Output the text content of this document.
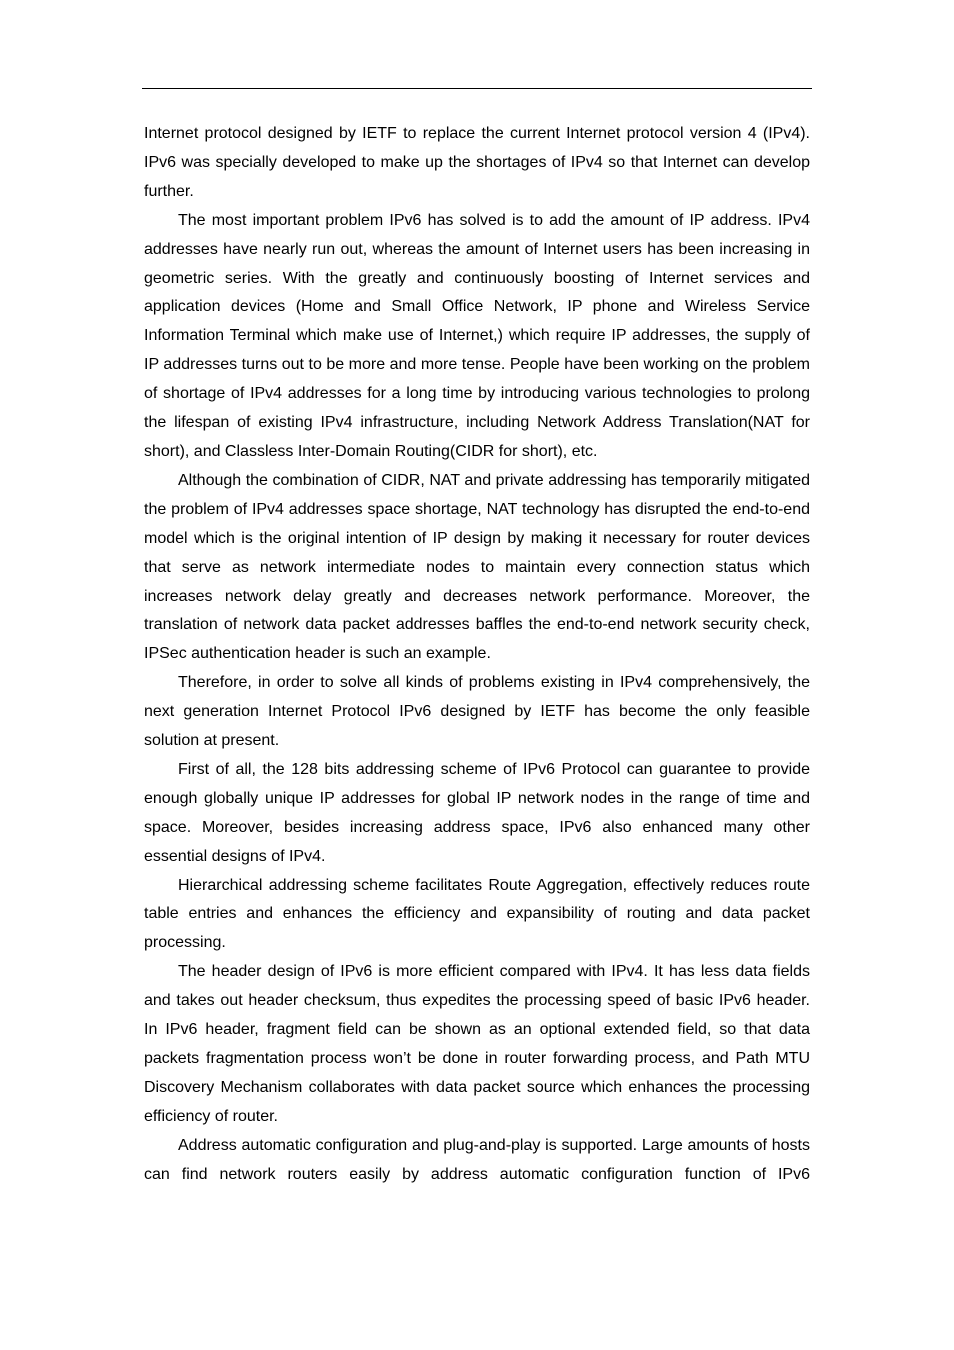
Internet protocol designed by IETF to replace the current Internet protocol version 4 (IPv4). IPv6 was specially developed to make up the shortages of IPv4 so that Internet can develop further.

The most important problem IPv6 has solved is to add the amount of IP address. IPv4 addresses have nearly run out, whereas the amount of Internet users has been increasing in geometric series. With the greatly and continuously boosting of Internet services and application devices (Home and Small Office Network, IP phone and Wireless Service Information Terminal which make use of Internet,) which require IP addresses, the supply of IP addresses turns out to be more and more tense. People have been working on the problem of shortage of IPv4 addresses for a long time by introducing various technologies to prolong the lifespan of existing IPv4 infrastructure, including Network Address Translation(NAT for short), and Classless Inter-Domain Routing(CIDR for short), etc.

Although the combination of CIDR, NAT and private addressing has temporarily mitigated the problem of IPv4 addresses space shortage, NAT technology has disrupted the end-to-end model which is the original intention of IP design by making it necessary for router devices that serve as network intermediate nodes to maintain every connection status which increases network delay greatly and decreases network performance. Moreover, the translation of network data packet addresses baffles the end-to-end network security check, IPSec authentication header is such an example.

Therefore, in order to solve all kinds of problems existing in IPv4 comprehensively, the next generation Internet Protocol IPv6 designed by IETF has become the only feasible solution at present.

First of all, the 128 bits addressing scheme of IPv6 Protocol can guarantee to provide enough globally unique IP addresses for global IP network nodes in the range of time and space. Moreover, besides increasing address space, IPv6 also enhanced many other essential designs of IPv4.

Hierarchical addressing scheme facilitates Route Aggregation, effectively reduces route table entries and enhances the efficiency and expansibility of routing and data packet processing.

The header design of IPv6 is more efficient compared with IPv4. It has less data fields and takes out header checksum, thus expedites the processing speed of basic IPv6 header. In IPv6 header, fragment field can be shown as an optional extended field, so that data packets fragmentation process won’t be done in router forwarding process, and Path MTU Discovery Mechanism collaborates with data packet source which enhances the processing efficiency of router.

Address automatic configuration and plug-and-play is supported. Large amounts of hosts can find network routers easily by address automatic configuration function of IPv6
